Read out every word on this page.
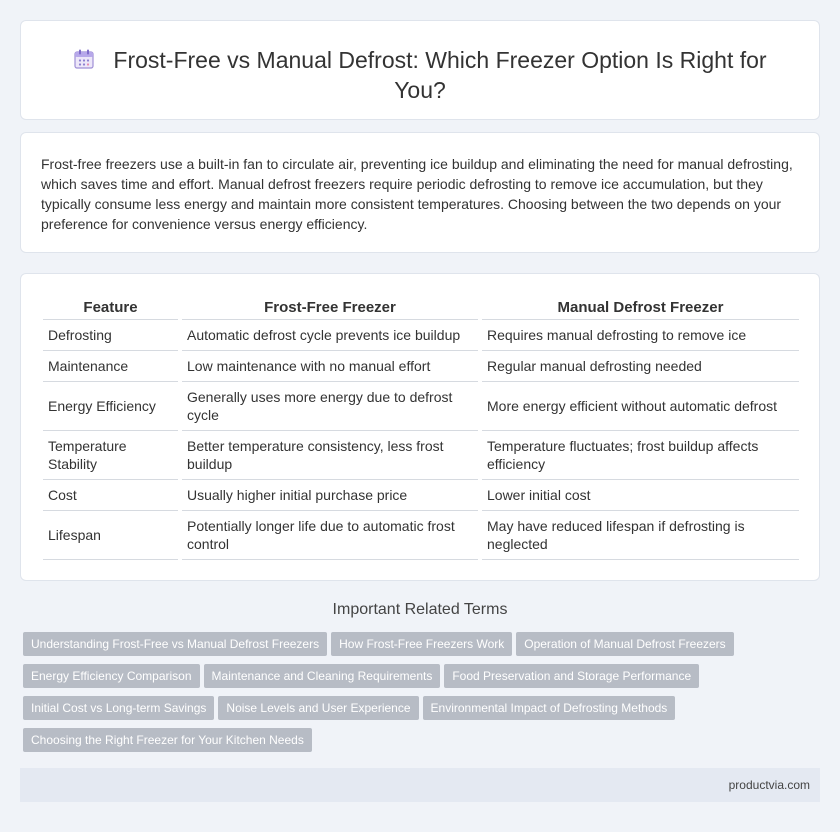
Frost-Free vs Manual Defrost: Which Freezer Option Is Right for You?

Frost-free freezers use a built-in fan to circulate air, preventing ice buildup and eliminating the need for manual defrosting, which saves time and effort. Manual defrost freezers require periodic defrosting to remove ice accumulation, but they typically consume less energy and maintain more consistent temperatures. Choosing between the two depends on your preference for convenience versus energy efficiency.

Feature		Frost-Free Freezer		Manual Defrost Freezer
Defrosting		Automatic defrost cycle prevents ice buildup		Requires manual defrosting to remove ice
Maintenance		Low maintenance with no manual effort		Regular manual defrosting needed
Energy Efficiency		Generally uses more energy due to defrost cycle		More energy efficient without automatic defrost
Temperature Stability		Better temperature consistency, less frost buildup		Temperature fluctuates; frost buildup affects efficiency
Cost		Usually higher initial purchase price		Lower initial cost
Lifespan		Potentially longer life due to automatic frost control		May have reduced lifespan if defrosting is neglected
Important Related Terms
Understanding Frost-Free vs Manual Defrost Freezers How Frost-Free Freezers Work Operation of Manual Defrost Freezers
Energy Efficiency Comparison Maintenance and Cleaning Requirements Food Preservation and Storage Performance
Initial Cost vs Long-term Savings Noise Levels and User Experience Environmental Impact of Defrosting Methods
Choosing the Right Freezer for Your Kitchen Needs
productvia.com
